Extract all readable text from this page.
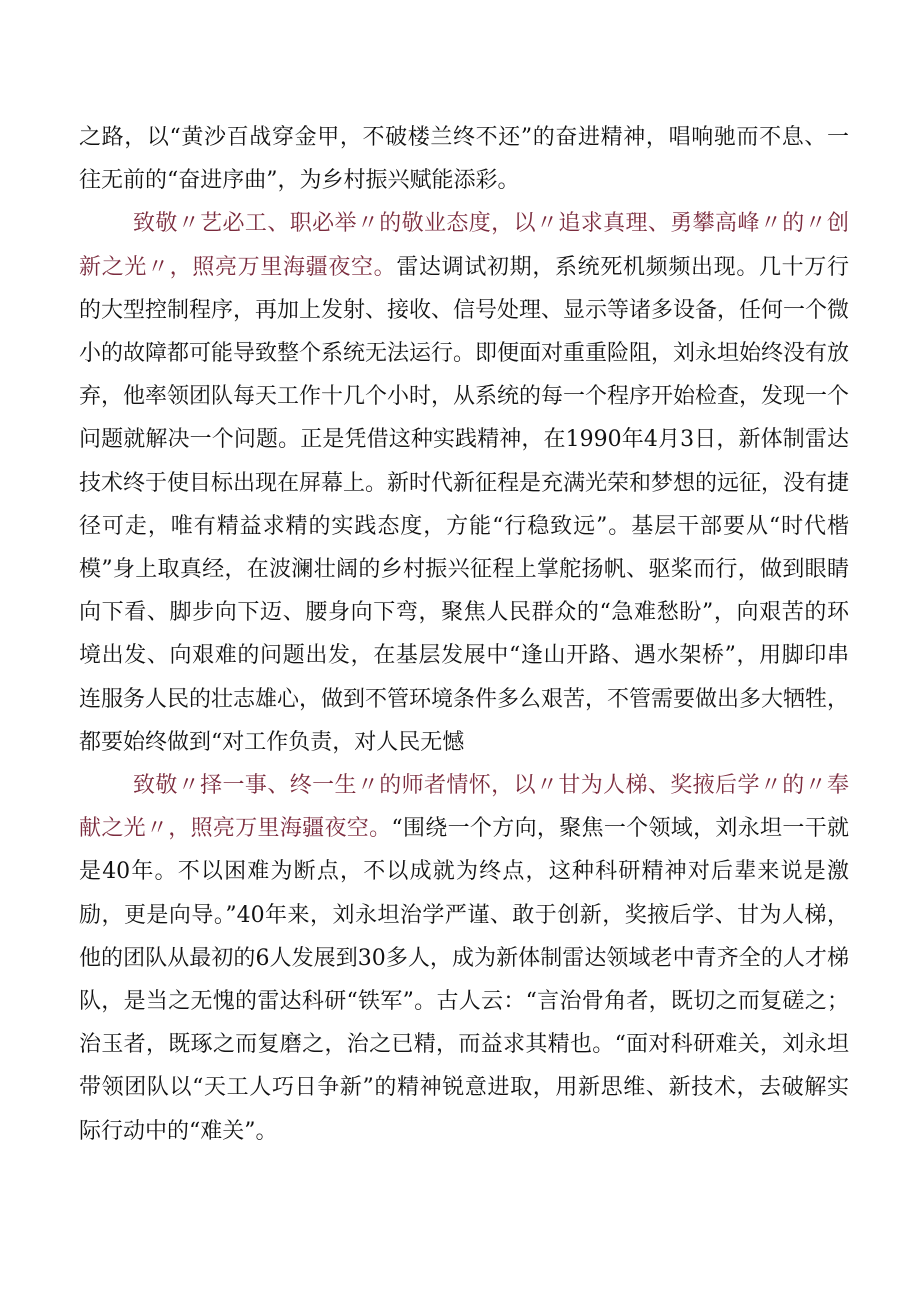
之路，以“黄沙百战穿金甲，不破楼兰终不还”的奋进精神，唱响驰而不息、一往无前的“奋进序曲”，为乡村振兴赋能添彩。

致敬〃艺必工、职必举〃的敬业态度，以〃追求真理、勇攀高峰〃的〃创新之光〃，照亮万里海疆夜空。雷达调试初期，系统死机频频出现。几十万行的大型控制程序，再加上发射、接收、信号处理、显示等诸多设备，任何一个微小的故障都可能导致整个系统无法运行。即便面对重重险阻，刘永坦始终没有放弃，他率领团队每天工作十几个小时，从系统的每一个程序开始检查，发现一个问题就解决一个问题。正是凭借这种实践精神，在1990年4月3日，新体制雷达技术终于使目标出现在屏幕上。新时代新征程是充满光荣和梦想的远征，没有捷径可走，唯有精益求精的实践态度，方能“行稳致远”。基层干部要从“时代楷模”身上取真经，在波澜壮阔的乡村振兴征程上掌舵扬帆、驱桨而行，做到眼睛向下看、脚步向下迈、腰身向下弯，聚焦人民群众的“急难愁盼”，向艰苦的环境出发、向艰难的问题出发，在基层发展中“逢山开路、遇水架桥”，用脚印串连服务人民的壮志雄心，做到不管环境条件多么艰苦，不管需要做出多大牺牲，都要始终做到“对工作负责，对人民无憾

致敬〃择一事、终一生〃的师者情怀，以〃甘为人梯、奖掖后学〃的〃奉献之光〃，照亮万里海疆夜空。“围绕一个方向，聚焦一个领域，刘永坦一干就是40年。不以困难为断点，不以成就为终点，这种科研精神对后辈来说是激励，更是向导。”40年来，刘永坦治学严谨、敢于创新，奖掖后学、甘为人梯，他的团队从最初的6人发展到30多人，成为新体制雷达领域老中青齐全的人才梯队，是当之无愧的雷达科研“铁军”。古人云：“言治骨角者，既切之而复磋之；治玉者，既琢之而复磨之，治之已精，而益求其精也。“面对科研难关，刘永坦带领团队以“天工人巧日争新”的精神锐意进取，用新思维、新技术，去破解实际行动中的“难关”。
